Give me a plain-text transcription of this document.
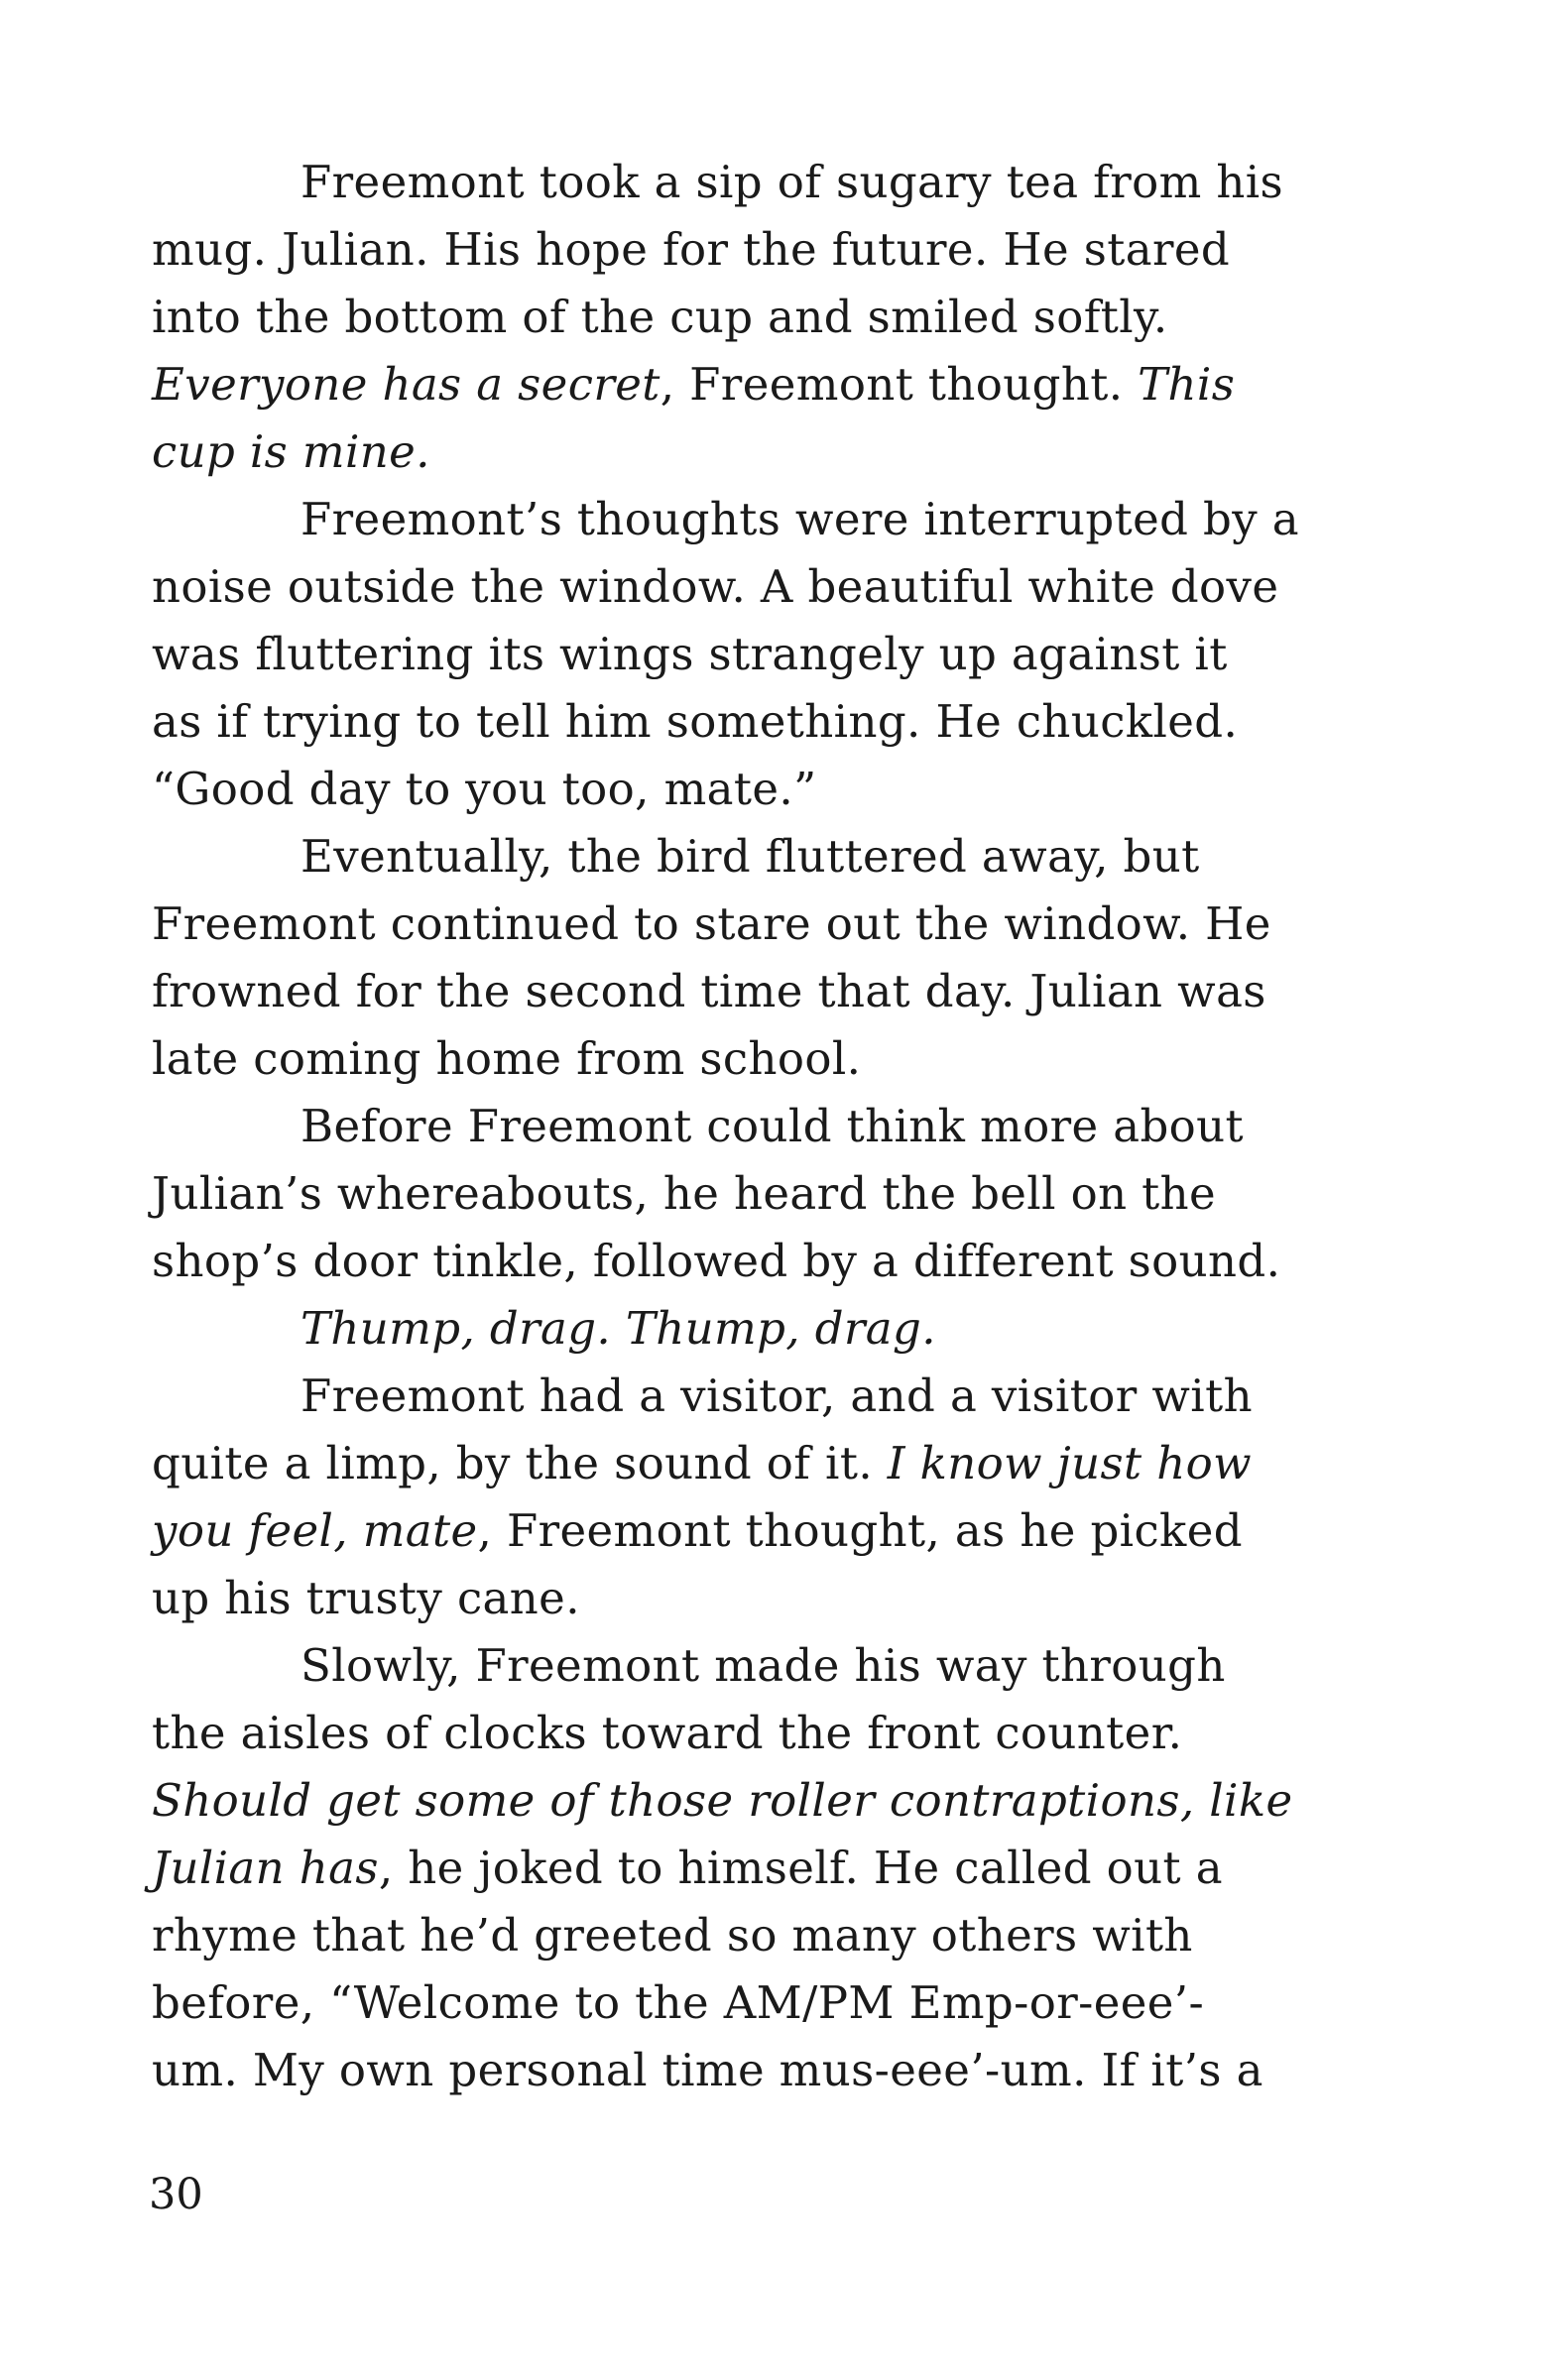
Freemont took a sip of sugary tea from his
mug. Julian. His hope for the future. He stared
into the bottom of the cup and smiled softly.
Everyone has a secret, Freemont thought. This
cup is mine.
Freemont’s thoughts were interrupted by a
noise outside the window. A beautiful white dove
was fluttering its wings strangely up against it
as if trying to tell him something. He chuckled.
“Good day to you too, mate.”
Eventually, the bird fluttered away, but
Freemont continued to stare out the window. He
frowned for the second time that day. Julian was
late coming home from school.
Before Freemont could think more about
Julian’s whereabouts, he heard the bell on the
shop’s door tinkle, followed by a different sound.
Thump, drag. Thump, drag.
Freemont had a visitor, and a visitor with
quite a limp, by the sound of it. I know just how
you feel, mate, Freemont thought, as he picked
up his trusty cane.
Slowly, Freemont made his way through
the aisles of clocks toward the front counter.
Should get some of those roller contraptions, like
Julian has, he joked to himself. He called out a
rhyme that he’d greeted so many others with
before, “Welcome to the AM/PM Emp-or-eee’-
um. My own personal time mus-eee’-um. If it’s a
30
